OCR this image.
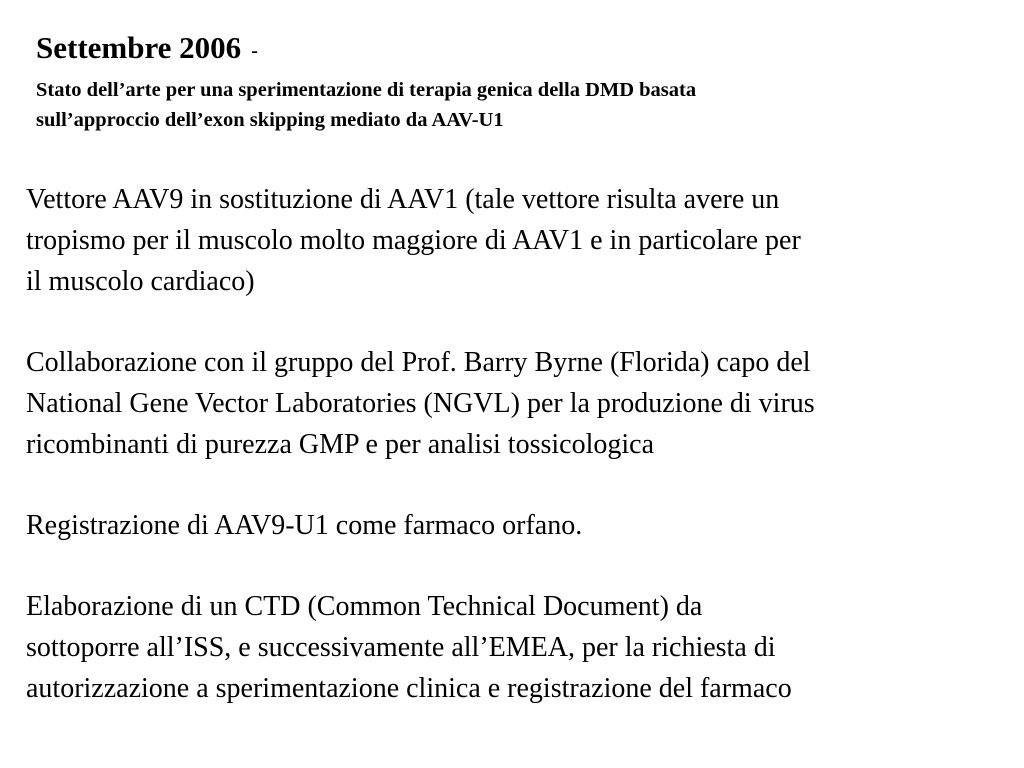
Settembre 2006 -
Stato dell’arte per una sperimentazione di terapia genica della DMD basata
sull’approccio dell’exon skipping mediato da AAV-U1
Vettore AAV9 in sostituzione di AAV1 (tale vettore risulta avere un
tropismo per il muscolo molto maggiore di AAV1 e in particolare per
il muscolo cardiaco)
Collaborazione con il gruppo del Prof. Barry Byrne (Florida) capo del
National Gene Vector Laboratories (NGVL) per la produzione di virus
ricombinanti di purezza GMP e per analisi tossicologica
Registrazione di AAV9-U1 come farmaco orfano.
Elaborazione di un CTD (Common Technical Document) da
sottoporre all’ISS, e successivamente all’EMEA, per la richiesta di
autorizzazione a sperimentazione clinica e registrazione del farmaco
